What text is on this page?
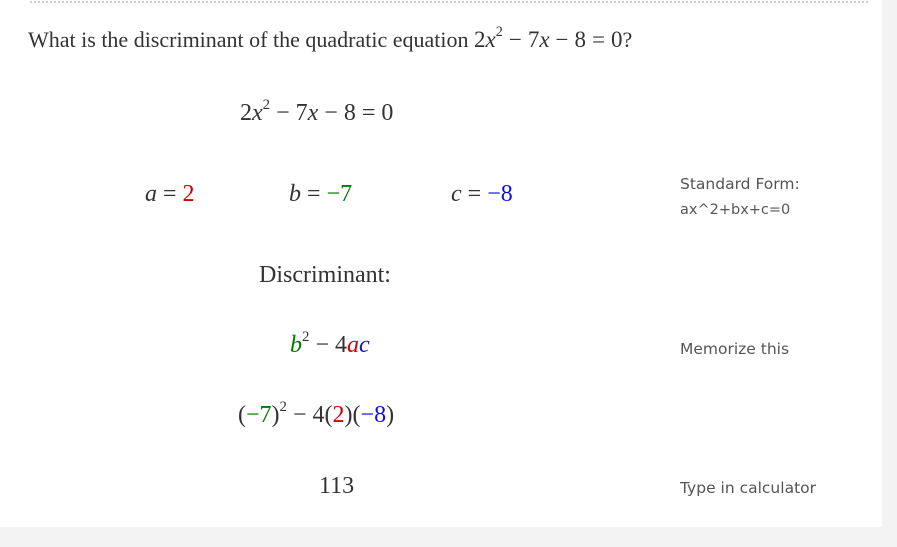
What is the discriminant of the quadratic equation $2x^2 - 7x - 8 = 0$?
$2x^2 - 7x - 8 = 0$
a = 2	b = −7	c = −8	Standard Form:
ax^2+bx+c=0
Discriminant:
$b^2 - 4ac$	Memorize this
$(-7)^2 - 4(2)(-8)$
113	Type in calculator
